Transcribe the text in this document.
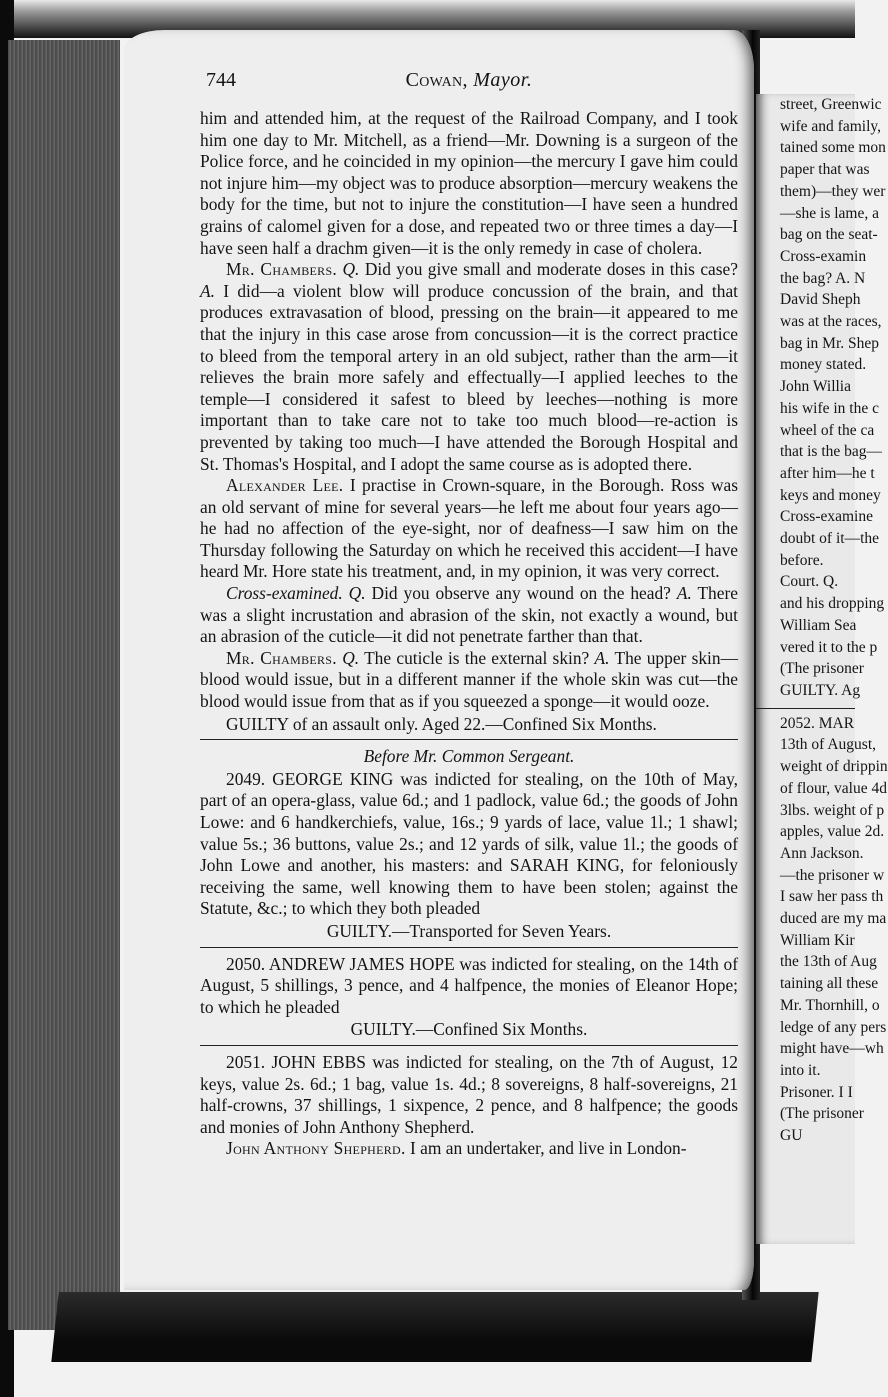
744	Cowan, Mayor.

him and attended him, at the request of the Railroad Company, and I took him one day to Mr. Mitchell, as a friend—Mr. Downing is a surgeon of the Police force, and he coincided in my opinion—the mercury I gave him could not injure him—my object was to produce absorption—mercury weakens the body for the time, but not to injure the constitution—I have seen a hundred grains of calomel given for a dose, and repeated two or three times a day—I have seen half a drachm given—it is the only remedy in case of cholera.

Mr. Chambers. Q. Did you give small and moderate doses in this case? A. I did—a violent blow will produce concussion of the brain, and that produces extravasation of blood, pressing on the brain—it appeared to me that the injury in this case arose from concussion—it is the correct practice to bleed from the temporal artery in an old subject, rather than the arm—it relieves the brain more safely and effectually—I applied leeches to the temple—I considered it safest to bleed by leeches—nothing is more important than to take care not to take too much blood—re-action is prevented by taking too much—I have attended the Borough Hospital and St. Thomas's Hospital, and I adopt the same course as is adopted there.

Alexander Lee. I practise in Crown-square, in the Borough. Ross was an old servant of mine for several years—he left me about four years ago—he had no affection of the eye-sight, nor of deafness—I saw him on the Thursday following the Saturday on which he received this accident—I have heard Mr. Hore state his treatment, and, in my opinion, it was very correct.

Cross-examined. Q. Did you observe any wound on the head? A. There was a slight incrustation and abrasion of the skin, not exactly a wound, but an abrasion of the cuticle—it did not penetrate farther than that.

Mr. Chambers. Q. The cuticle is the external skin? A. The upper skin—blood would issue, but in a different manner if the whole skin was cut—the blood would issue from that as if you squeezed a sponge—it would ooze.

GUILTY of an assault only. Aged 22.—Confined Six Months.

Before Mr. Common Sergeant.

2049. GEORGE KING was indicted for stealing, on the 10th of May, part of an opera-glass, value 6d.; and 1 padlock, value 6d.; the goods of John Lowe: and 6 handkerchiefs, value, 16s.; 9 yards of lace, value 1l.; 1 shawl; value 5s.; 36 buttons, value 2s.; and 12 yards of silk, value 1l.; the goods of John Lowe and another, his masters: and SARAH KING, for feloniously receiving the same, well knowing them to have been stolen; against the Statute, &c.; to which they both pleaded

GUILTY.—Transported for Seven Years.

2050. ANDREW JAMES HOPE was indicted for stealing, on the 14th of August, 5 shillings, 3 pence, and 4 halfpence, the monies of Eleanor Hope; to which he pleaded

GUILTY.—Confined Six Months.

2051. JOHN EBBS was indicted for stealing, on the 7th of August, 12 keys, value 2s. 6d.; 1 bag, value 1s. 4d.; 8 sovereigns, 8 half-sovereigns, 21 half-crowns, 37 shillings, 1 sixpence, 2 pence, and 8 halfpence; the goods and monies of John Anthony Shepherd.

John Anthony Shepherd. I am an undertaker, and live in London-

street, Greenwic
wife and family,
tained some mon
paper that was
them)—they wer
—she is lame, a
bag on the seat-
Cross-examin
the bag? A. N
David Sheph
was at the races,
bag in Mr. Shep
money stated.
John Willia
his wife in the c
wheel of the ca
that is the bag—
after him—he t
keys and money
Cross-examine
doubt of it—the
before.
Court. Q.
and his dropping
William Sea
vered it to the p
(The prisoner
GUILTY. Ag
2052. MAR
13th of August,
weight of drippin
of flour, value 4d
3lbs. weight of p
apples, value 2d.
Ann Jackson.
—the prisoner w
I saw her pass th
duced are my ma
William Kir
the 13th of Aug
taining all these
Mr. Thornhill, o
ledge of any pers
might have—wh
into it.
Prisoner. I I
(The prisoner
GU
